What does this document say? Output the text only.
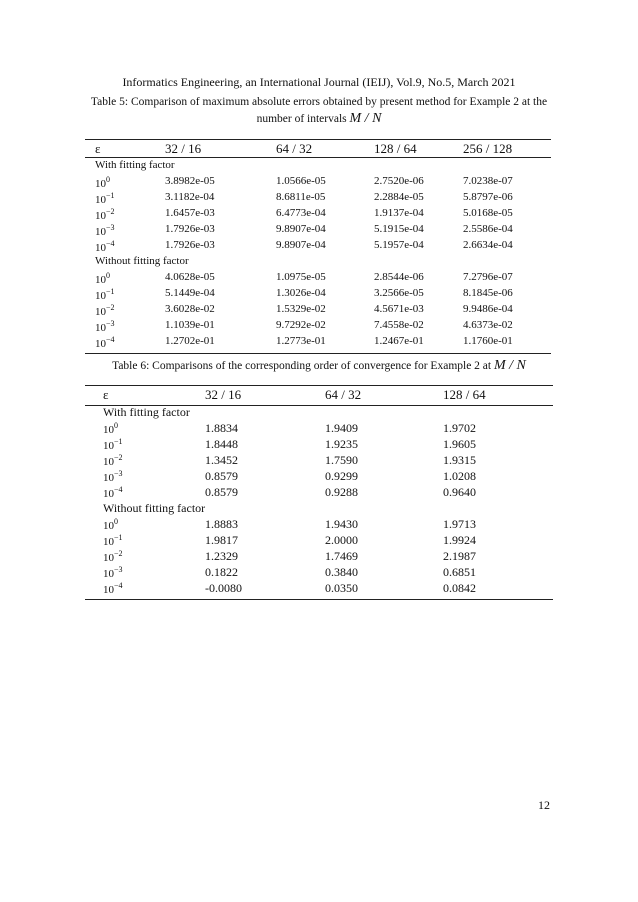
Informatics Engineering, an International Journal (IEIJ), Vol.9, No.5, March 2021
Table 5: Comparison of maximum absolute errors obtained by present method for Example 2 at the
number of intervals M / N
ε	32 / 16	64 / 32	128 / 64	256 / 128
With fitting factor
$10^0$	3.8982e-05	1.0566e-05	2.7520e-06	7.0238e-07
$10^{-1}$	3.1182e-04	8.6811e-05	2.2884e-05	5.8797e-06
$10^{-2}$	1.6457e-03	6.4773e-04	1.9137e-04	5.0168e-05
$10^{-3}$	1.7926e-03	9.8907e-04	5.1915e-04	2.5586e-04
$10^{-4}$	1.7926e-03	9.8907e-04	5.1957e-04	2.6634e-04
Without fitting factor
$10^0$	4.0628e-05	1.0975e-05	2.8544e-06	7.2796e-07
$10^{-1}$	5.1449e-04	1.3026e-04	3.2566e-05	8.1845e-06
$10^{-2}$	3.6028e-02	1.5329e-02	4.5671e-03	9.9486e-04
$10^{-3}$	1.1039e-01	9.7292e-02	7.4558e-02	4.6373e-02
$10^{-4}$	1.2702e-01	1.2773e-01	1.2467e-01	1.1760e-01
Table 6: Comparisons of the corresponding order of convergence for Example 2 at M / N
ε	32 / 16	64 / 32	128 / 64
With fitting factor
$10^0$	1.8834	1.9409	1.9702
$10^{-1}$	1.8448	1.9235	1.9605
$10^{-2}$	1.3452	1.7590	1.9315
$10^{-3}$	0.8579	0.9299	1.0208
$10^{-4}$	0.8579	0.9288	0.9640
Without fitting factor
$10^0$	1.8883	1.9430	1.9713
$10^{-1}$	1.9817	2.0000	1.9924
$10^{-2}$	1.2329	1.7469	2.1987
$10^{-3}$	0.1822	0.3840	0.6851
$10^{-4}$	-0.0080	0.0350	0.0842
12
